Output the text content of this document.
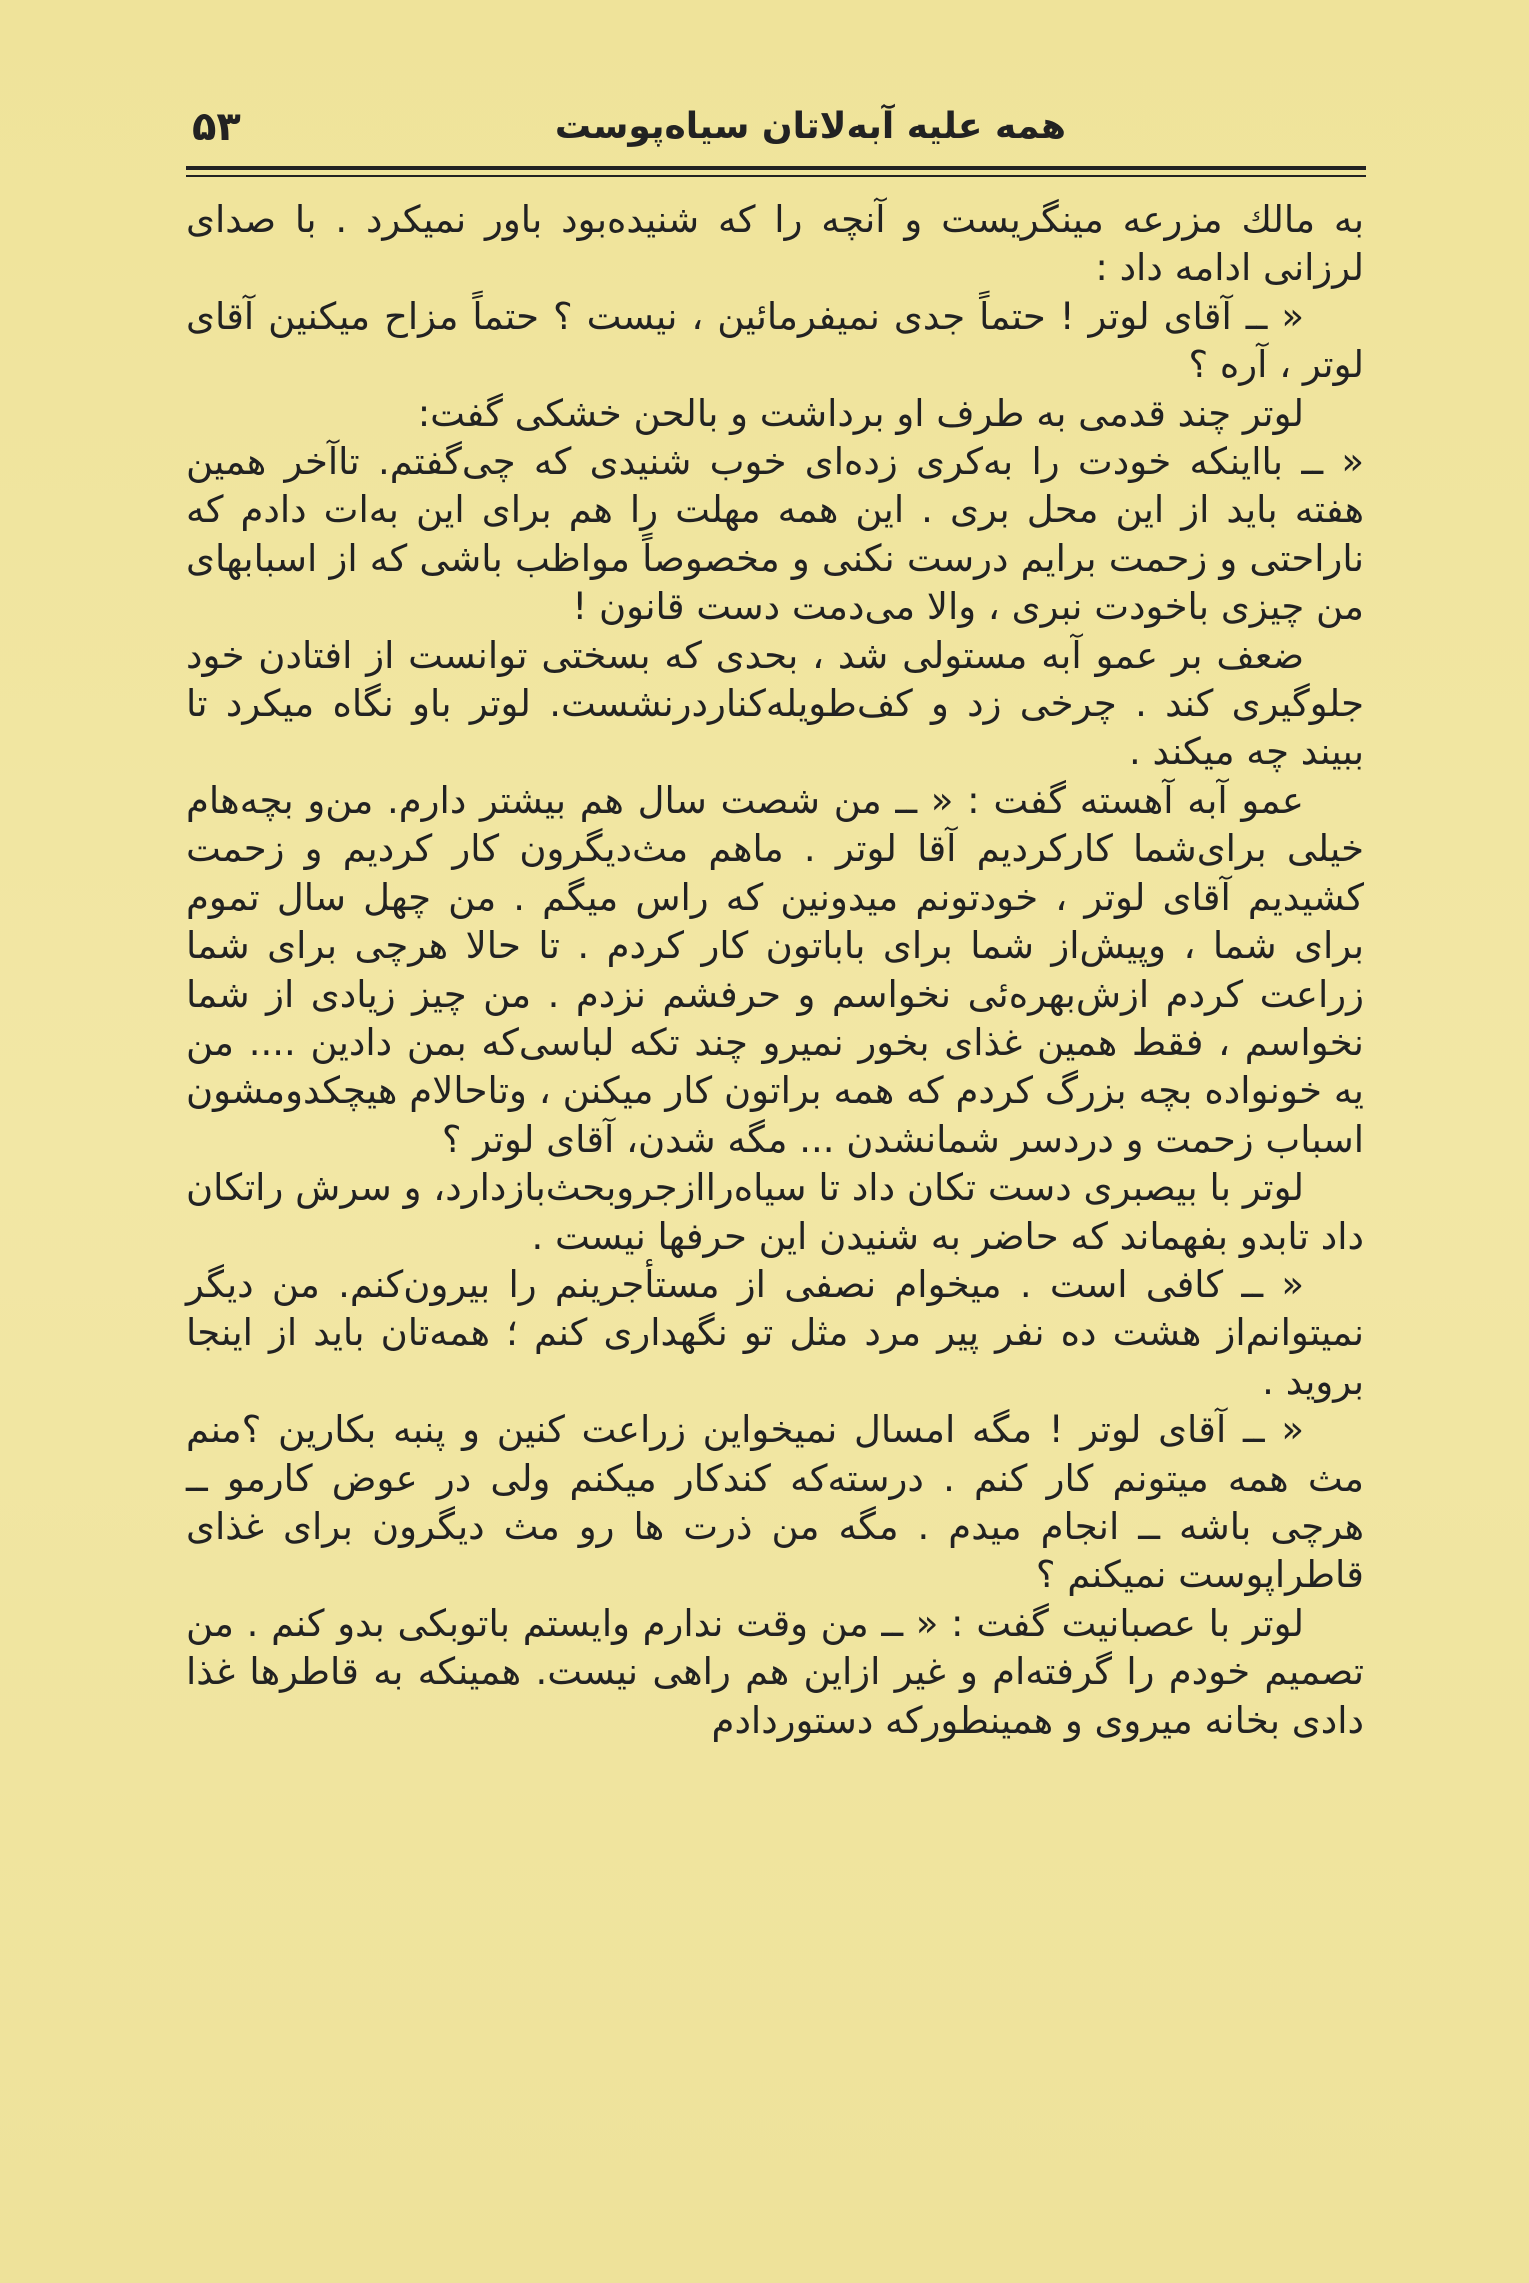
همه علیه آبه‌لاتان سیاه‌پوست
۵۳

به مالك مزرعه مینگریست و آنچه را که شنیده‌بود باور نمیکرد . با صدای لرزانی ادامه داد :

« ــ آقای لوتر ! حتماً جدی نمیفرمائین ، نیست ؟ حتماً مزاح میکنین آقای لوتر ، آره ؟

لوتر چند قدمی به طرف او برداشت و بالحن خشکی گفت:

« ــ بااینکه خودت را به‌کری زده‌ای خوب شنیدی که چی‌گفتم. تاآخر همین هفته باید از این محل بری . این همه مهلت را هم برای این به‌ات دادم که ناراحتی و زحمت برایم درست نکنی و مخصوصاً مواظب باشی که از اسبابهای من چیزی باخودت نبری ، والا می‌دمت دست قانون !

ضعف بر عمو آبه مستولی شد ، بحدی که بسختی توانست از افتادن خود جلوگیری کند . چرخی زد و کف‌طویله‌کناردرنشست. لوتر باو نگاه میکرد تا ببیند چه میکند .

عمو آبه آهسته گفت : « ــ من شصت سال هم بیشتر دارم. من‌و بچه‌هام خیلی برای‌شما کارکردیم آقا لوتر . ماهم مث‌دیگرون کار کردیم و زحمت کشیدیم آقای لوتر ، خودتونم میدونین که راس میگم . من چهل سال تموم برای شما ، وپیش‌از شما برای باباتون کار کردم . تا حالا هرچی برای شما زراعت کردم ازش‌بهره‌ئی نخواسم و حرفشم نزدم . من چیز زیادی از شما نخواسم ، فقط همین غذای بخور نمیرو چند تکه لباسی‌که بمن دادین .... من یه خونواده بچه بزرگ کردم که همه براتون کار میکنن ، وتاحالام هیچکدومشون اسباب زحمت و دردسر شمانشدن ... مگه شدن، آقای لوتر ؟

لوتر با بیصبری دست تکان داد تا سیاه‌رااز‌جرو‌بحث‌بازدارد، و سرش راتکان داد تابدو بفهماند که حاضر به شنیدن این حرفها نیست .

« ــ کافی است . میخوام نصفی از مستأجرینم را بیرون‌کنم. من دیگر نمیتوانم‌از هشت ده نفر پیر مرد مثل تو نگهداری کنم ؛ همه‌تان باید از اینجا بروید .

« ــ آقای لوتر ! مگه امسال نمیخواین زراعت کنین و پنبه بکارین ؟منم مث همه میتونم کار کنم . درسته‌که کندکار میکنم ولی در عوض کارمو ــ هرچی باشه ــ انجام میدم . مگه من ذرت ها رو مث دیگرون برای غذای قاطراپوست نمیکنم ؟

لوتر با عصبانیت گفت : « ــ من وقت ندارم وایستم باتوبکی بدو کنم . من تصمیم خودم را گرفته‌ام و غیر ازاین هم راهی نیست. همینکه به قاطرها غذا دادی بخانه میروی و همینطورکه دستوردادم
